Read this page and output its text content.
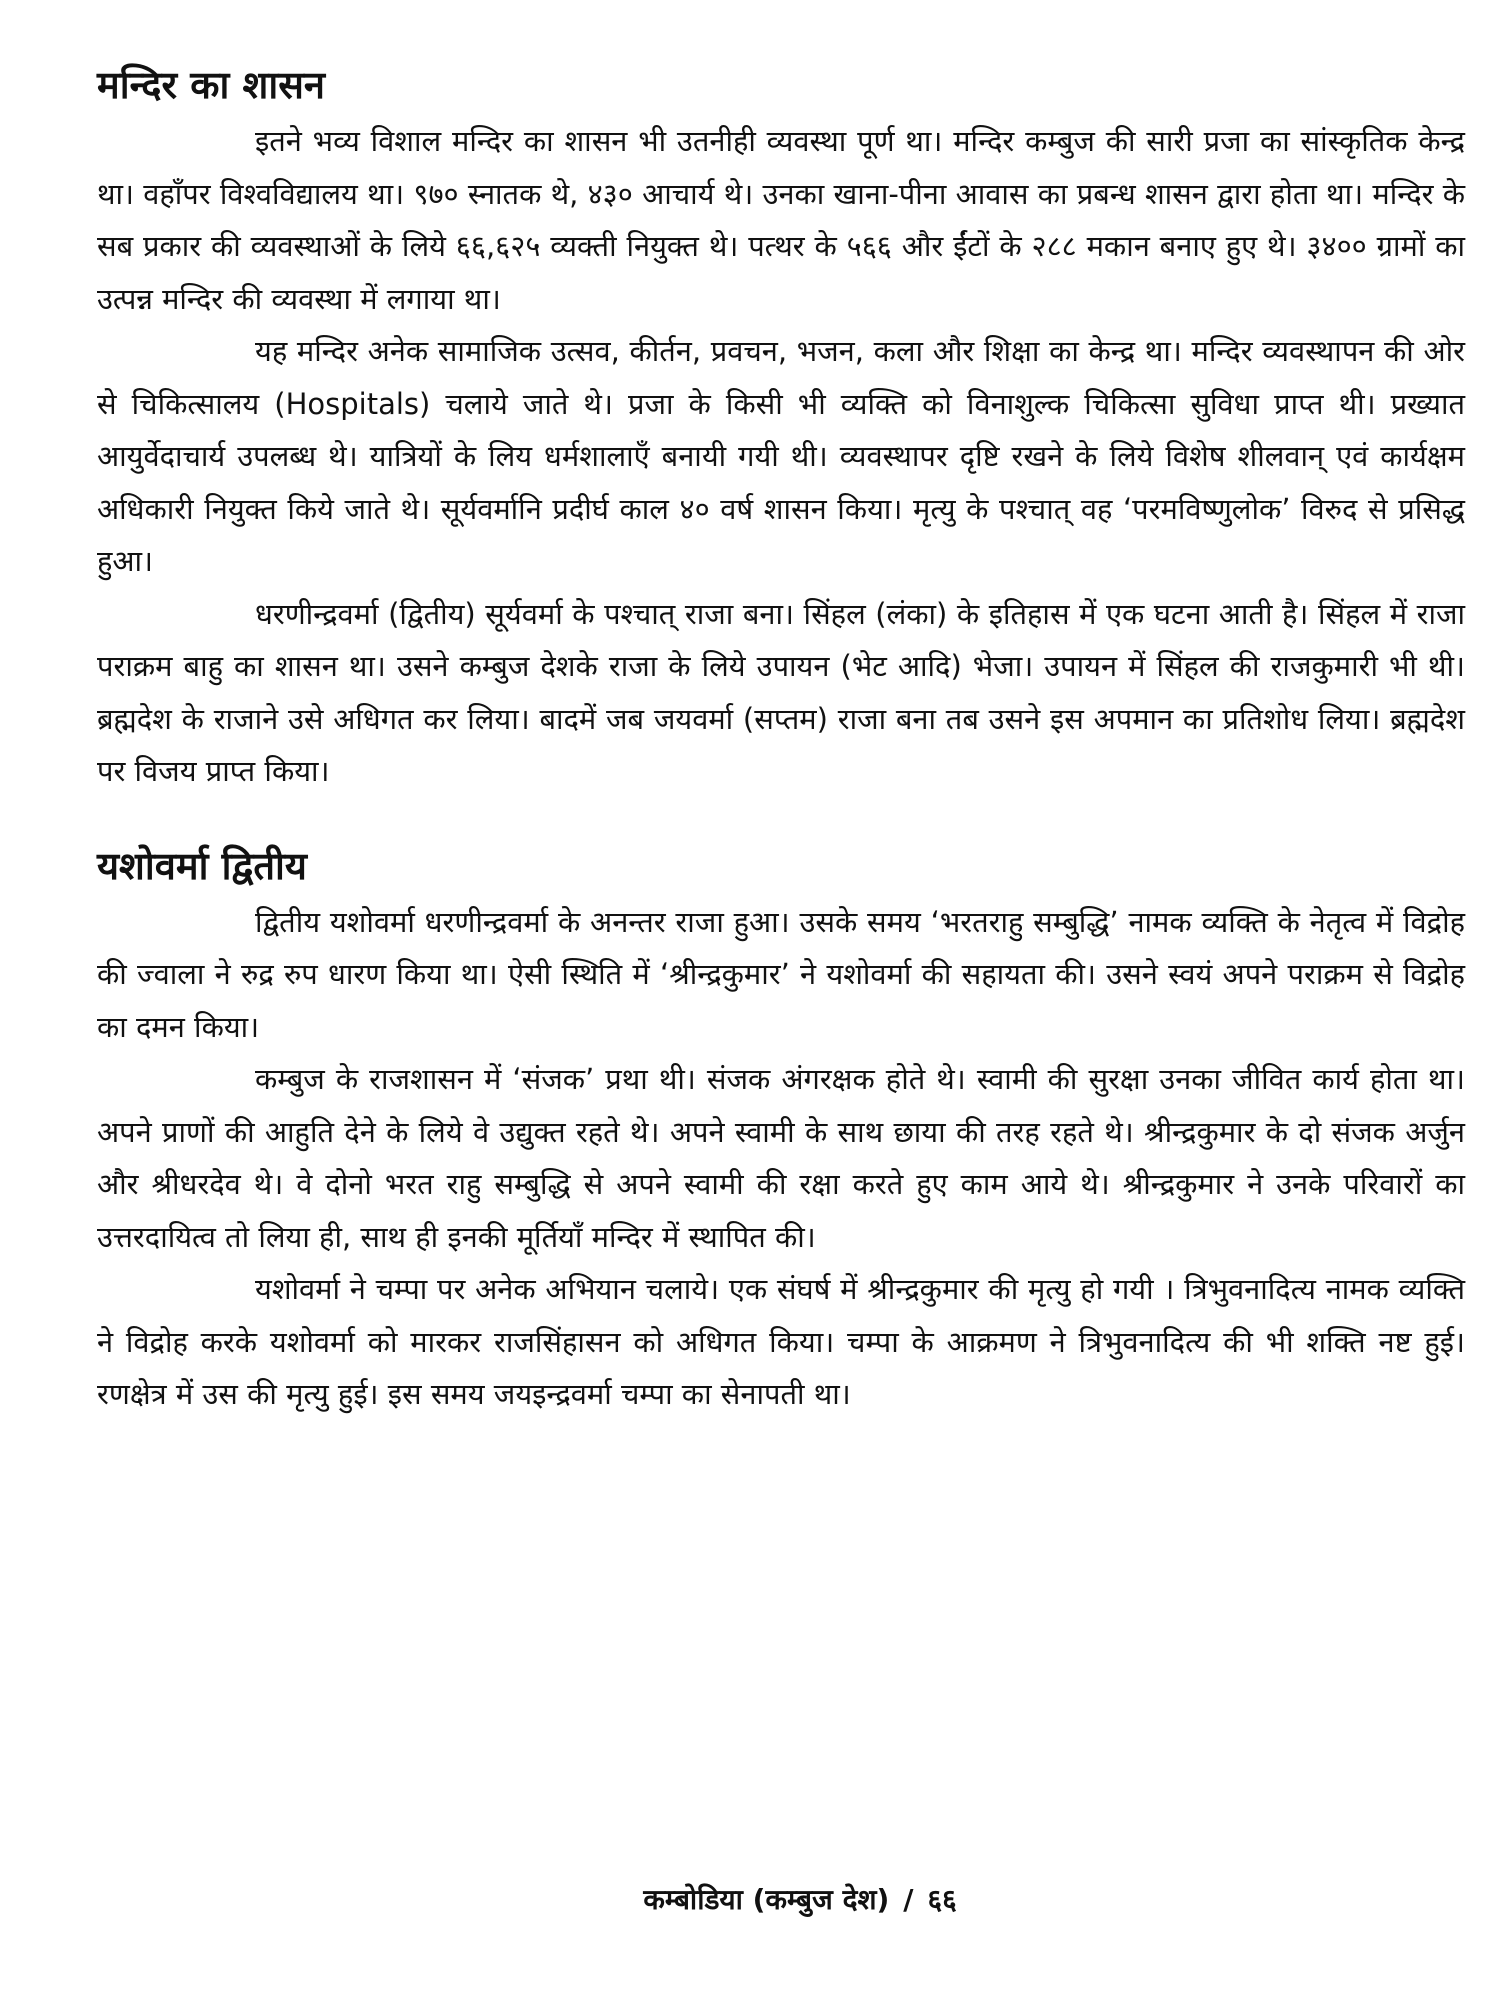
मन्दिर का शासन

इतने भव्य विशाल मन्दिर का शासन भी उतनीही व्यवस्था पूर्ण था। मन्दिर कम्बुज की सारी प्रजा का सांस्कृतिक केन्द्र था। वहाँपर विश्वविद्यालय था। ९७० स्नातक थे, ४३० आचार्य थे। उनका खाना-पीना आवास का प्रबन्ध शासन द्वारा होता था। मन्दिर के सब प्रकार की व्यवस्थाओं के लिये ६६,६२५ व्यक्ती नियुक्त थे। पत्थर के ५६६ और ईंटों के २८८ मकान बनाए हुए थे। ३४०० ग्रामों का उत्पन्न मन्दिर की व्यवस्था में लगाया था।

यह मन्दिर अनेक सामाजिक उत्सव, कीर्तन, प्रवचन, भजन, कला और शिक्षा का केन्द्र था। मन्दिर व्यवस्थापन की ओर से चिकित्सालय (Hospitals) चलाये जाते थे। प्रजा के किसी भी व्यक्ति को विनाशुल्क चिकित्सा सुविधा प्राप्त थी। प्रख्यात आयुर्वेदाचार्य उपलब्ध थे। यात्रियों के लिय धर्मशालाएँ बनायी गयी थी। व्यवस्थापर दृष्टि रखने के लिये विशेष शीलवान् एवं कार्यक्षम अधिकारी नियुक्त किये जाते थे। सूर्यवर्मानि प्रदीर्घ काल ४० वर्ष शासन किया। मृत्यु के पश्चात् वह ‘परमविष्णुलोक’ विरुद से प्रसिद्ध हुआ।

धरणीन्द्रवर्मा (द्वितीय) सूर्यवर्मा के पश्चात् राजा बना। सिंहल (लंका) के इतिहास में एक घटना आती है। सिंहल में राजा पराक्रम बाहु का शासन था। उसने कम्बुज देशके राजा के लिये उपायन (भेट आदि) भेजा। उपायन में सिंहल की राजकुमारी भी थी। ब्रह्मदेश के राजाने उसे अधिगत कर लिया। बादमें जब जयवर्मा (सप्तम) राजा बना तब उसने इस अपमान का प्रतिशोध लिया। ब्रह्मदेश पर विजय प्राप्त किया।

यशोवर्मा द्वितीय

द्वितीय यशोवर्मा धरणीन्द्रवर्मा के अनन्तर राजा हुआ। उसके समय ‘भरतराहु सम्बुद्धि’ नामक व्यक्ति के नेतृत्व में विद्रोह की ज्वाला ने रुद्र रुप धारण किया था। ऐसी स्थिति में ‘श्रीन्द्रकुमार’ ने यशोवर्मा की सहायता की। उसने स्वयं अपने पराक्रम से विद्रोह का दमन किया।

कम्बुज के राजशासन में ‘संजक’ प्रथा थी। संजक अंगरक्षक होते थे। स्वामी की सुरक्षा उनका जीवित कार्य होता था। अपने प्राणों की आहुति देने के लिये वे उद्युक्त रहते थे। अपने स्वामी के साथ छाया की तरह रहते थे। श्रीन्द्रकुमार के दो संजक अर्जुन और श्रीधरदेव थे। वे दोनो भरत राहु सम्बुद्धि से अपने स्वामी की रक्षा करते हुए काम आये थे। श्रीन्द्रकुमार ने उनके परिवारों का उत्तरदायित्व तो लिया ही, साथ ही इनकी मूर्तियाँ मन्दिर में स्थापित की।

यशोवर्मा ने चम्पा पर अनेक अभियान चलाये। एक संघर्ष में श्रीन्द्रकुमार की मृत्यु हो गयी । त्रिभुवनादित्य नामक व्यक्ति ने विद्रोह करके यशोवर्मा को मारकर राजसिंहासन को अधिगत किया। चम्पा के आक्रमण ने त्रिभुवनादित्य की भी शक्ति नष्ट हुई। रणक्षेत्र में उस की मृत्यु हुई। इस समय जयइन्द्रवर्मा चम्पा का सेनापती था।

कम्बोडिया (कम्बुज देश) / ६६
